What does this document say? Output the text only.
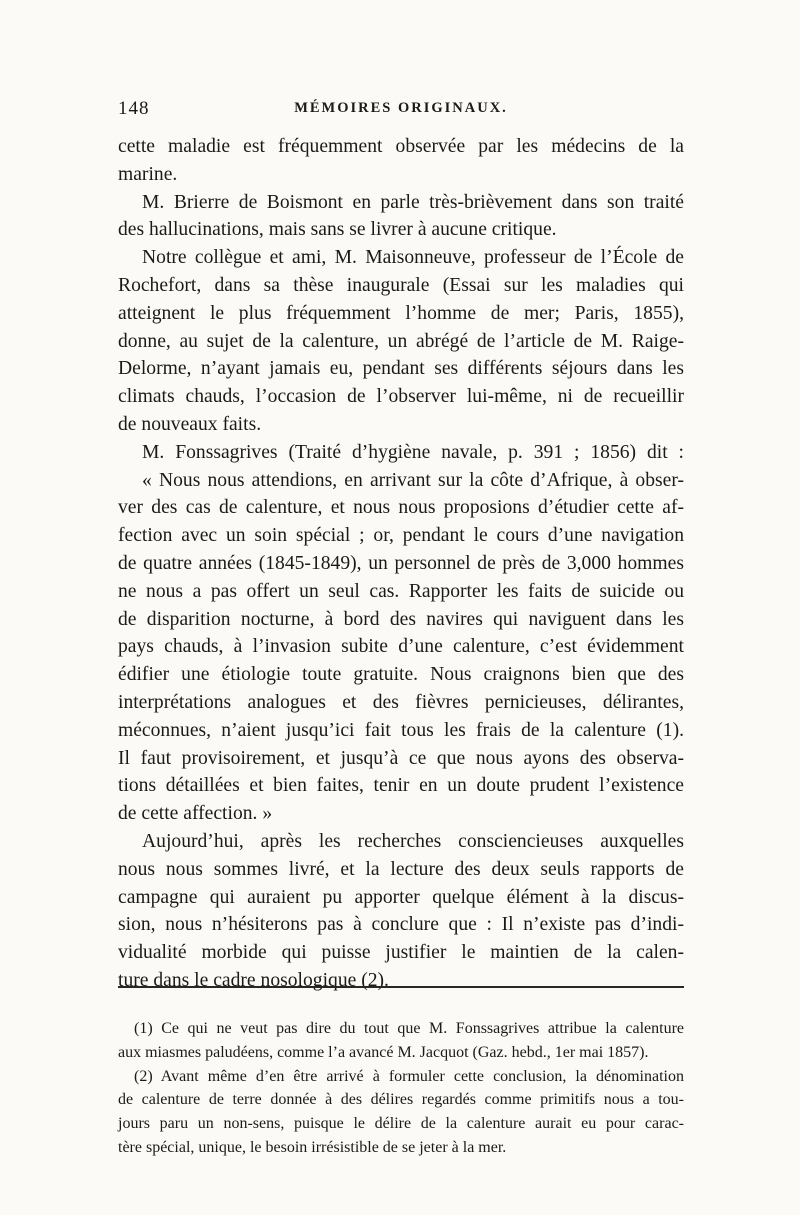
148	MÉMOIRES ORIGINAUX.
cette maladie est fréquemment observée par les médecins de la
marine.
M. Brierre de Boismont en parle très-brièvement dans son traité
des hallucinations, mais sans se livrer à aucune critique.
Notre collègue et ami, M. Maisonneuve, professeur de l’École de
Rochefort, dans sa thèse inaugurale (Essai sur les maladies qui
atteignent le plus fréquemment l’homme de mer; Paris, 1855),
donne, au sujet de la calenture, un abrégé de l’article de M. Raige-
Delorme, n’ayant jamais eu, pendant ses différents séjours dans les
climats chauds, l’occasion de l’observer lui-même, ni de recueillir
de nouveaux faits.
M. Fonssagrives (Traité d’hygiène navale, p. 391 ; 1856) dit :
« Nous nous attendions, en arrivant sur la côte d’Afrique, à obser-
ver des cas de calenture, et nous nous proposions d’étudier cette af-
fection avec un soin spécial ; or, pendant le cours d’une navigation
de quatre années (1845-1849), un personnel de près de 3,000 hommes
ne nous a pas offert un seul cas. Rapporter les faits de suicide ou
de disparition nocturne, à bord des navires qui naviguent dans les
pays chauds, à l’invasion subite d’une calenture, c’est évidemment
édifier une étiologie toute gratuite. Nous craignons bien que des
interprétations analogues et des fièvres pernicieuses, délirantes,
méconnues, n’aient jusqu’ici fait tous les frais de la calenture (1).
Il faut provisoirement, et jusqu’à ce que nous ayons des observa-
tions détaillées et bien faites, tenir en un doute prudent l’existence
de cette affection. »
Aujourd’hui, après les recherches consciencieuses auxquelles
nous nous sommes livré, et la lecture des deux seuls rapports de
campagne qui auraient pu apporter quelque élément à la discus-
sion, nous n’hésiterons pas à conclure que : Il n’existe pas d’indi-
vidualité morbide qui puisse justifier le maintien de la calen-
ture dans le cadre nosologique (2).
(1) Ce qui ne veut pas dire du tout que M. Fonssagrives attribue la calenture
aux miasmes paludéens, comme l’a avancé M. Jacquot (Gaz. hebd., 1er mai 1857).
(2) Avant même d’en être arrivé à formuler cette conclusion, la dénomination
de calenture de terre donnée à des délires regardés comme primitifs nous a tou-
jours paru un non-sens, puisque le délire de la calenture aurait eu pour carac-
tère spécial, unique, le besoin irrésistible de se jeter à la mer.
